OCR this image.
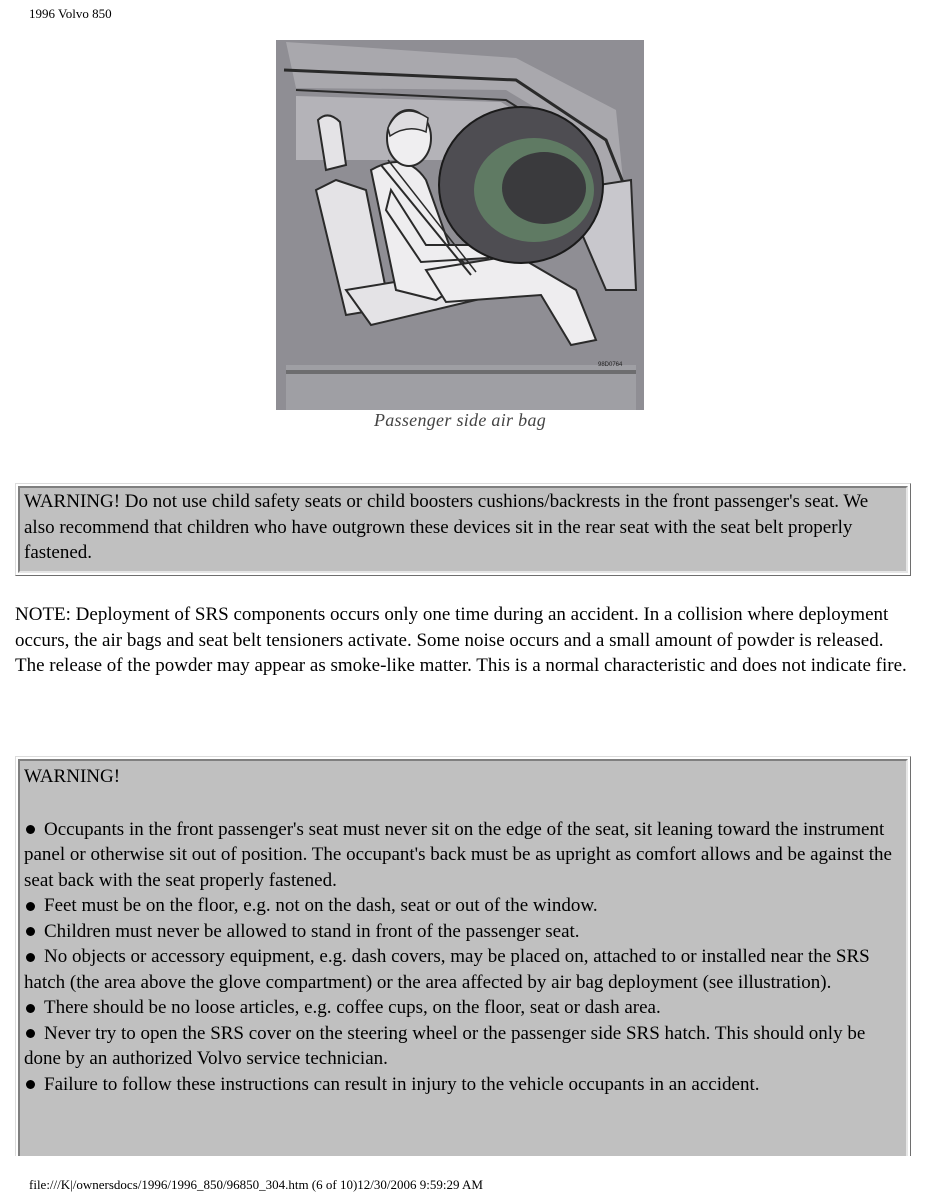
1996 Volvo 850
98D0764
Passenger side air bag
WARNING! Do not use child safety seats or child boosters cushions/backrests in the front passenger's seat. We also recommend that children who have outgrown these devices sit in the rear seat with the seat belt properly fastened.
NOTE: Deployment of SRS components occurs only one time during an accident. In a collision where deployment occurs, the air bags and seat belt tensioners activate. Some noise occurs and a small amount of powder is released. The release of the powder may appear as smoke-like matter. This is a normal characteristic and does not indicate fire.
WARNING!
Occupants in the front passenger's seat must never sit on the edge of the seat, sit leaning toward the instrument panel or otherwise sit out of position. The occupant's back must be as upright as comfort allows and be against the seat back with the seat properly fastened.
Feet must be on the floor, e.g. not on the dash, seat or out of the window.
Children must never be allowed to stand in front of the passenger seat.
No objects or accessory equipment, e.g. dash covers, may be placed on, attached to or installed near the SRS hatch (the area above the glove compartment) or the area affected by air bag deployment (see illustration).
There should be no loose articles, e.g. coffee cups, on the floor, seat or dash area.
Never try to open the SRS cover on the steering wheel or the passenger side SRS hatch. This should only be done by an authorized Volvo service technician.
Failure to follow these instructions can result in injury to the vehicle occupants in an accident.
file:///K|/ownersdocs/1996/1996_850/96850_304.htm (6 of 10)12/30/2006 9:59:29 AM
